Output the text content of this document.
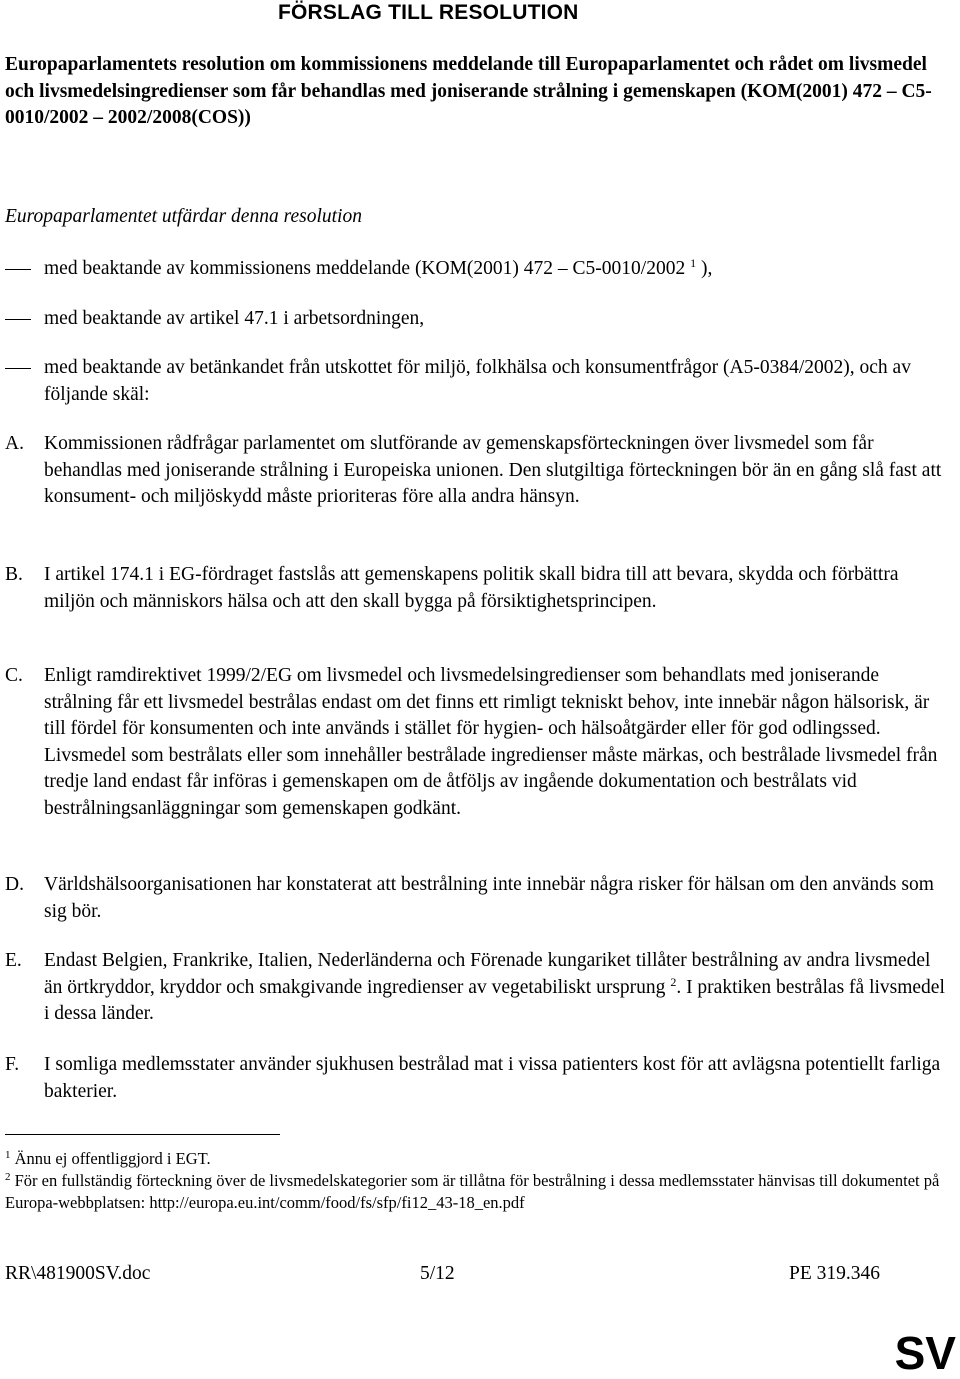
FÖRSLAG TILL RESOLUTION
Europaparlamentets resolution om kommissionens meddelande till Europaparlamentet och rådet om livsmedel och livsmedelsingredienser som får behandlas med joniserande strålning i gemenskapen (KOM(2001) 472 – C5-0010/2002 – 2002/2008(COS))
Europaparlamentet utfärdar denna resolution
med beaktande av kommissionens meddelande (KOM(2001) 472 – C5-0010/2002 $^1$ ),
med beaktande av artikel 47.1 i arbetsordningen,
med beaktande av betänkandet från utskottet för miljö, folkhälsa och konsumentfrågor (A5-0384/2002), och av följande skäl:
A. Kommissionen rådfrågar parlamentet om slutförande av gemenskapsförteckningen över livsmedel som får behandlas med joniserande strålning i Europeiska unionen. Den slutgiltiga förteckningen bör än en gång slå fast att konsument- och miljöskydd måste prioriteras före alla andra hänsyn.
B. I artikel 174.1 i EG-fördraget fastslås att gemenskapens politik skall bidra till att bevara, skydda och förbättra miljön och människors hälsa och att den skall bygga på försiktighetsprincipen.
C. Enligt ramdirektivet 1999/2/EG om livsmedel och livsmedelsingredienser som behandlats med joniserande strålning får ett livsmedel bestrålas endast om det finns ett rimligt tekniskt behov, inte innebär någon hälsorisk, är till fördel för konsumenten och inte används i stället för hygien- och hälsoåtgärder eller för god odlingssed. Livsmedel som bestrålats eller som innehåller bestrålade ingredienser måste märkas, och bestrålade livsmedel från tredje land endast får införas i gemenskapen om de åtföljs av ingående dokumentation och bestrålats vid bestrålningsanläggningar som gemenskapen godkänt.
D. Världshälsoorganisationen har konstaterat att bestrålning inte innebär några risker för hälsan om den används som sig bör.
E. Endast Belgien, Frankrike, Italien, Nederländerna och Förenade kungariket tillåter bestrålning av andra livsmedel än örtkryddor, kryddor och smakgivande ingredienser av vegetabiliskt ursprung $^2$. I praktiken bestrålas få livsmedel i dessa länder.
F. I somliga medlemsstater använder sjukhusen bestrålad mat i vissa patienters kost för att avlägsna potentiellt farliga bakterier.
$^1$ Ännu ej offentliggjord i EGT.
$^2$ För en fullständig förteckning över de livsmedelskategorier som är tillåtna för bestrålning i dessa medlemsstater hänvisas till dokumentet på Europa-webbplatsen: http://europa.eu.int/comm/food/fs/sfp/fi12_43-18_en.pdf
RR\481900SV.doc	5/12	PE 319.346
SV
